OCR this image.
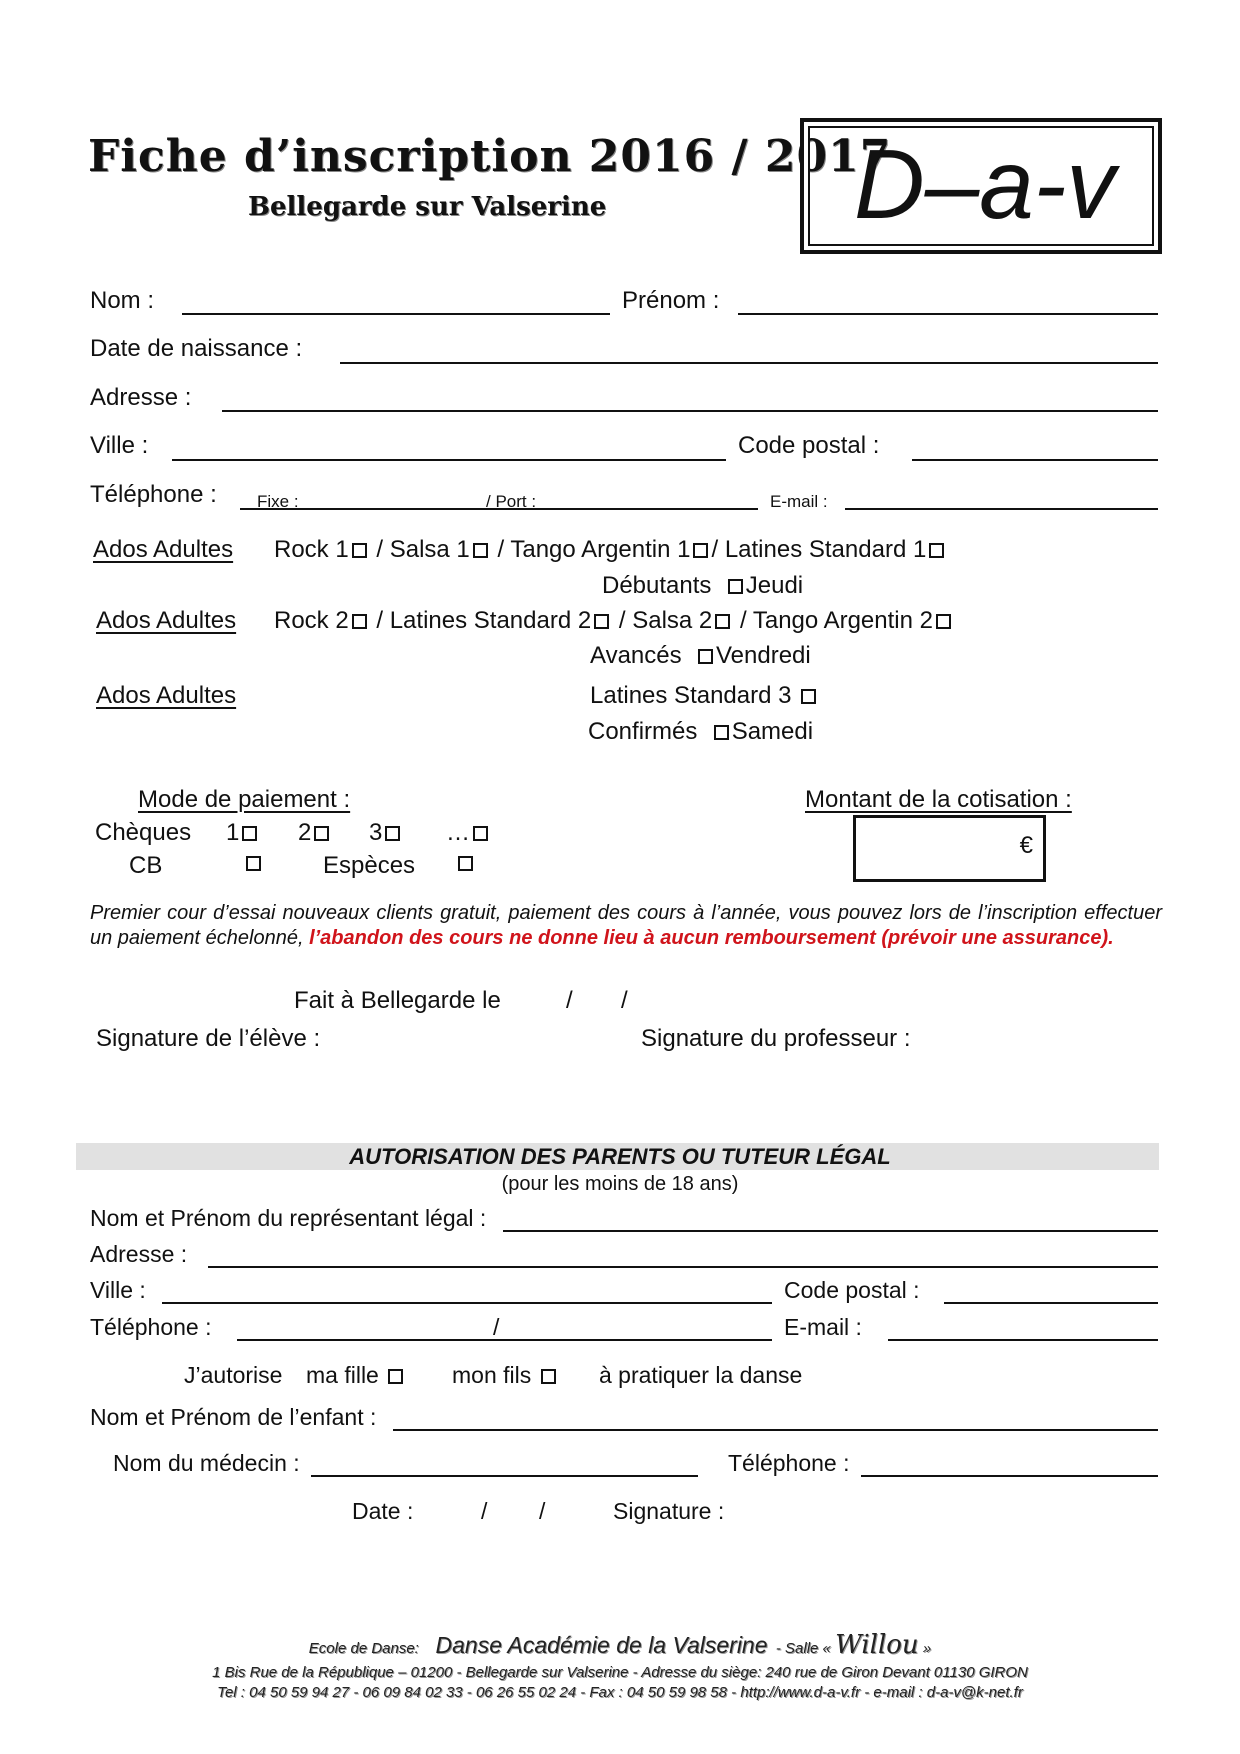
Fiche d’inscription 2016 / 2017
Bellegarde sur Valserine	D–a-v
Nom :	Prénom :
Date de naissance :
Adresse :
Ville :	Code postal :
Téléphone : Fixe :	/ Port :	E-mail :
Ados Adultes Rock 1 / Salsa 1 / Tango Argentin 1 / Latines Standard 1
Débutants Jeudi
Ados Adultes Rock 2 / Latines Standard 2 / Salsa 2 / Tango Argentin 2
Avancés Vendredi
Ados Adultes	Latines Standard 3
Confirmés Samedi
Mode de paiement :
Chèques 1	2	3	…
CB	Espèces
Montant de la cotisation :
€
Premier cour d’essai nouveaux clients gratuit, paiement des cours à l’année, vous pouvez lors de l’inscription effectuer un paiement échelonné, l’abandon des cours ne donne lieu à aucun remboursement (prévoir une assurance).
Fait à Bellegarde le	/ /
Signature de l’élève :	Signature du professeur :
AUTORISATION DES PARENTS OU TUTEUR LÉGAL
(pour les moins de 18 ans)
Nom et Prénom du représentant légal :
Adresse :
Ville :	Code postal :
Téléphone :	/	E-mail :
J’autorise ma fille	mon fils	à pratiquer la danse
Nom et Prénom de l’enfant :
Nom du médecin :	Téléphone :
Date :	/ /	Signature :
Ecole de Danse: Danse Académie de la Valserine - Salle « Willou »
1 Bis Rue de la République – 01200 - Bellegarde sur Valserine - Adresse du siège: 240 rue de Giron Devant 01130 GIRON
Tel : 04 50 59 94 27 - 06 09 84 02 33 - 06 26 55 02 24 - Fax : 04 50 59 98 58 - http://www.d-a-v.fr - e-mail : d-a-v@k-net.fr
